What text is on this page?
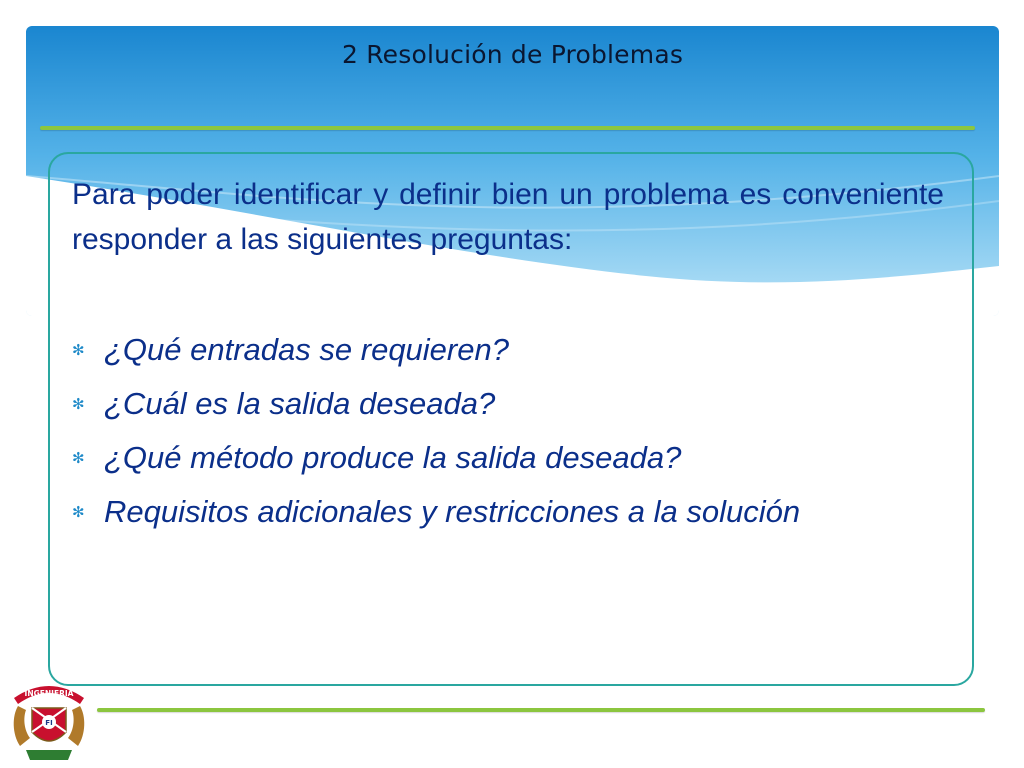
2 Resolución de Problemas

Para poder identificar y definir bien un problema es conveniente responder a las siguientes preguntas:

✻ ¿Qué entradas se requieren?
✻ ¿Cuál es la salida deseada?
✻ ¿Qué método produce la salida deseada?
✻ Requisitos adicionales y restricciones a la solución
INGENIERIA
FI
